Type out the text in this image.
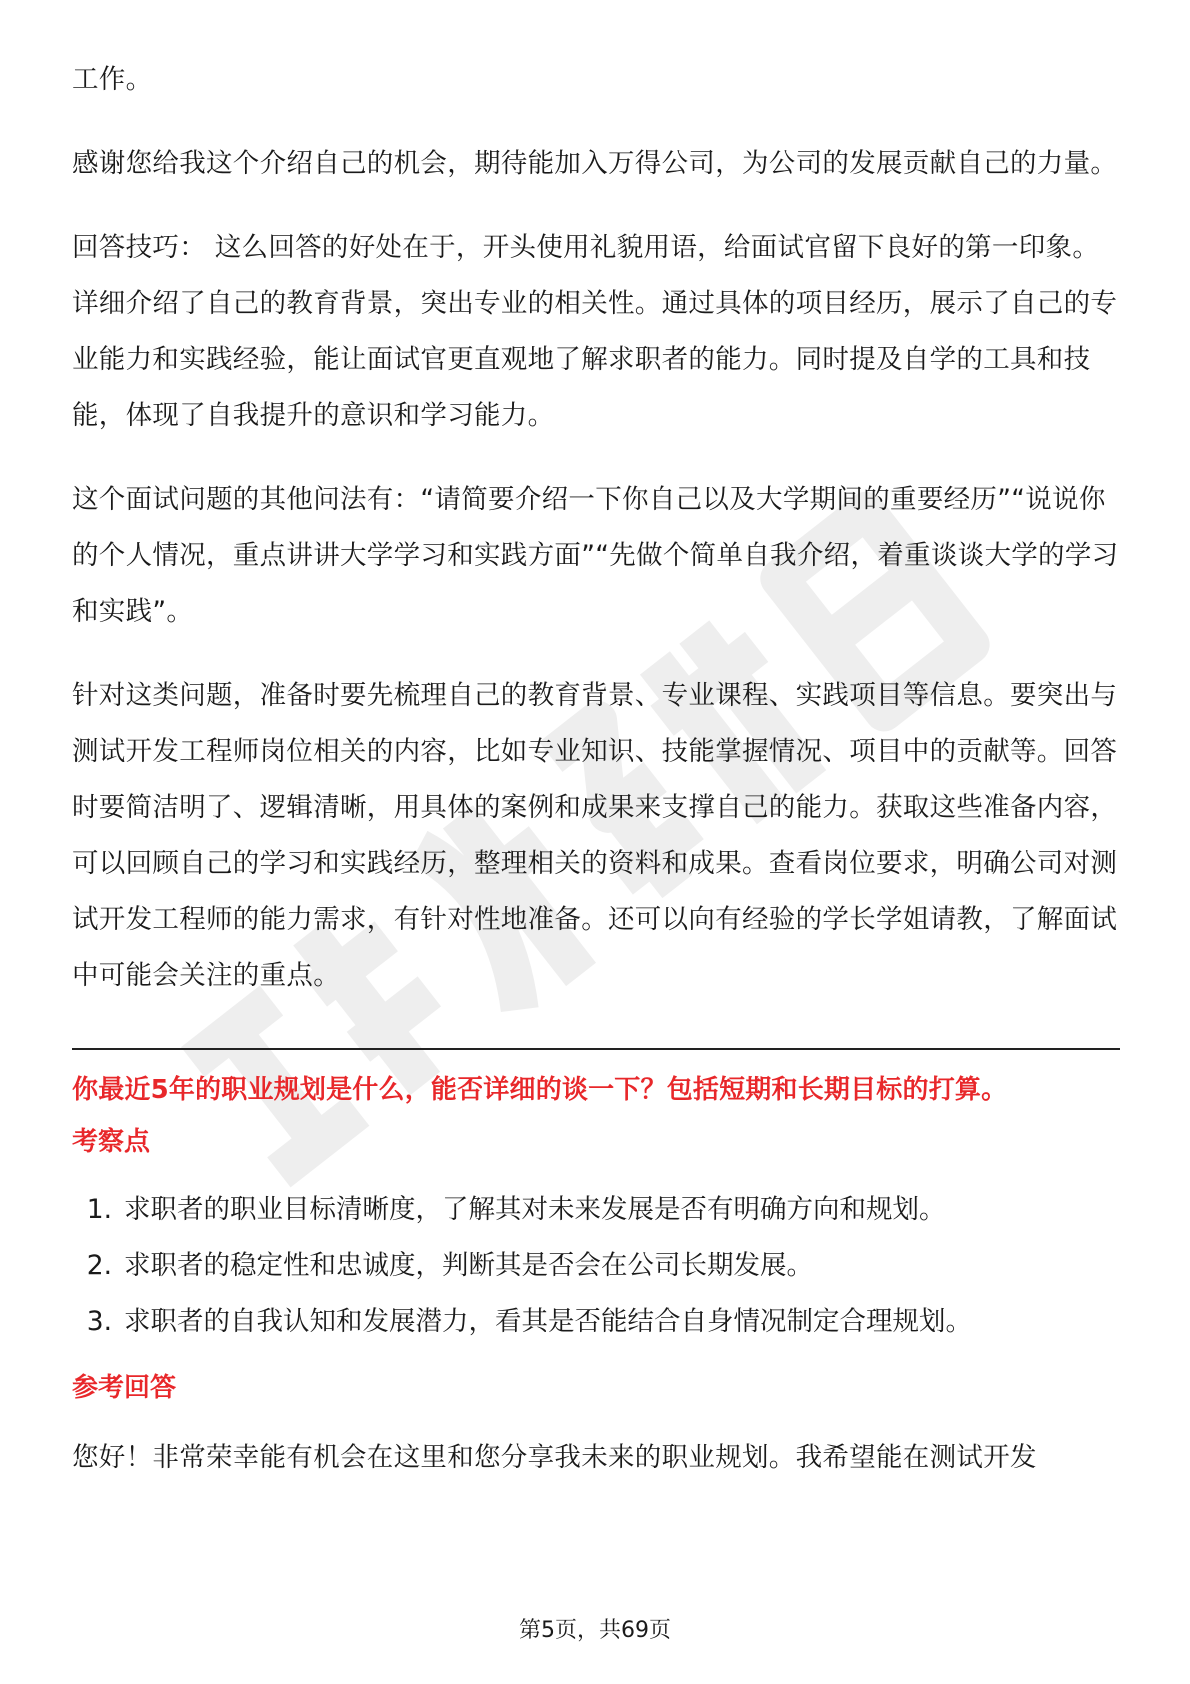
工作。

感谢您给我这个介绍自己的机会，期待能加入万得公司，为公司的发展贡献自己的力量。

回答技巧： 这么回答的好处在于，开头使用礼貌用语，给面试官留下良好的第一印象。详细介绍了自己的教育背景，突出专业的相关性。通过具体的项目经历，展示了自己的专业能力和实践经验，能让面试官更直观地了解求职者的能力。同时提及自学的工具和技能，体现了自我提升的意识和学习能力。

这个面试问题的其他问法有：“请简要介绍一下你自己以及大学期间的重要经历”“说说你的个人情况，重点讲讲大学学习和实践方面”“先做个简单自我介绍，着重谈谈大学的学习和实践”。

针对这类问题，准备时要先梳理自己的教育背景、专业课程、实践项目等信息。要突出与测试开发工程师岗位相关的内容，比如专业知识、技能掌握情况、项目中的贡献等。回答时要简洁明了、逻辑清晰，用具体的案例和成果来支撑自己的能力。获取这些准备内容，可以回顾自己的学习和实践经历，整理相关的资料和成果。查看岗位要求，明确公司对测试开发工程师的能力需求，有针对性地准备。还可以向有经验的学长学姐请教，了解面试中可能会关注的重点。

你最近5年的职业规划是什么，能否详细的谈一下？包括短期和长期目标的打算。

考察点

1. 求职者的职业目标清晰度，了解其对未来发展是否有明确方向和规划。
2. 求职者的稳定性和忠诚度，判断其是否会在公司长期发展。
3. 求职者的自我认知和发展潜力，看其是否能结合自身情况制定合理规划。

参考回答

您好！非常荣幸能有机会在这里和您分享我未来的职业规划。我希望能在测试开发

第5页，共69页
